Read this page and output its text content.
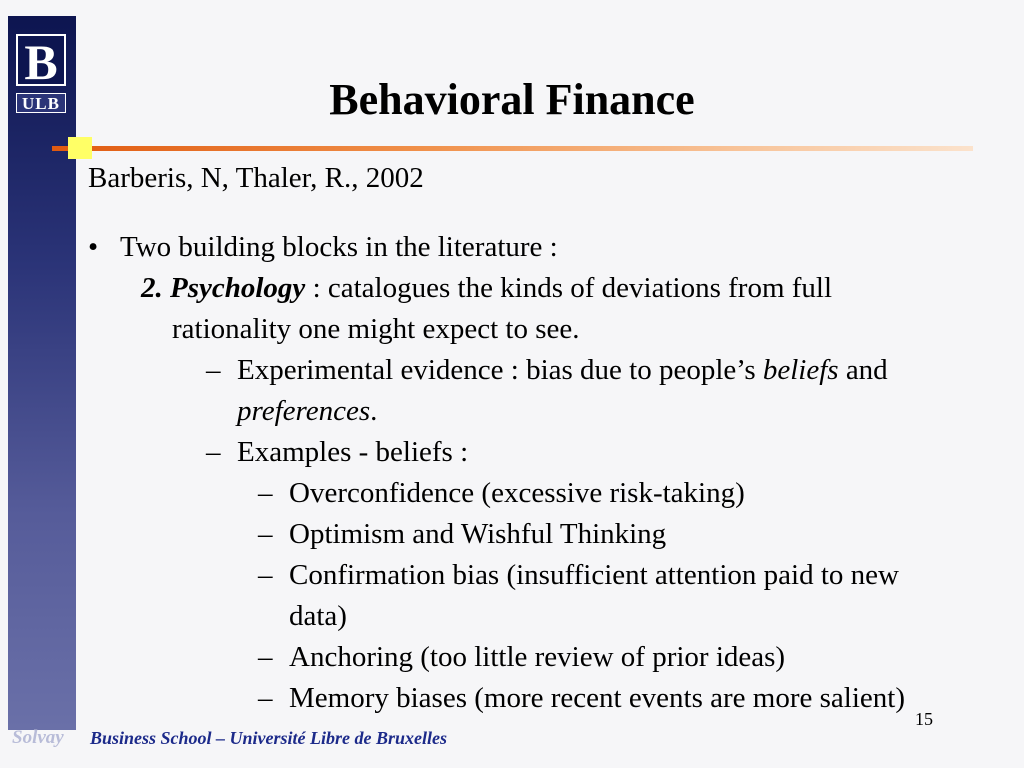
B
ULB	Behavioral Finance
Barberis, N, Thaler, R., 2002
• Two building blocks in the literature :
2. Psychology : catalogues the kinds of deviations from full
rationality one might expect to see.
– Experimental evidence : bias due to people’s beliefs and
preferences.
– Examples - beliefs :
– Overconfidence (excessive risk-taking)
– Optimism and Wishful Thinking
– Confirmation bias (insufficient attention paid to new
data)
– Anchoring (too little review of prior ideas)
– Memory biases (more recent events are more salient)
15
Solvay Business School – Université Libre de Bruxelles
